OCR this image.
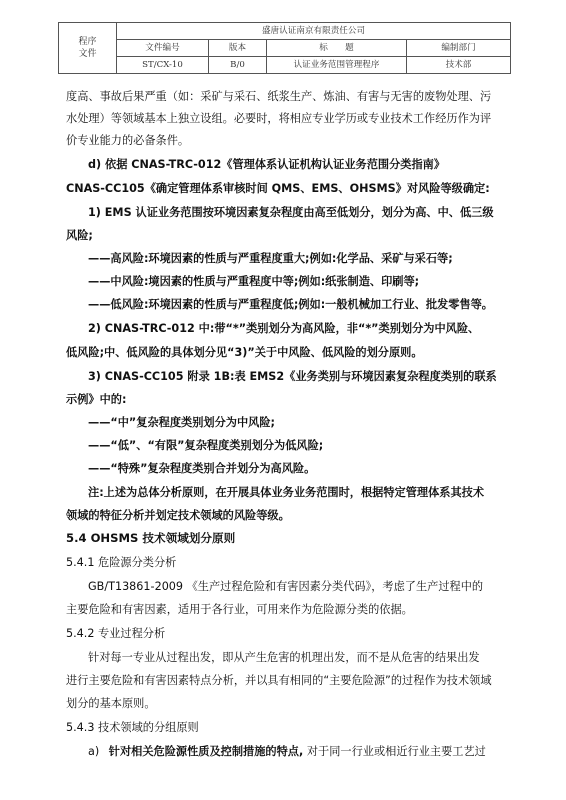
程序
文件	盛唐认证南京有限责任公司			
	文件编号	版本	标　　题	编制部门
	ST/CX-10	B/0	认证业务范围管理程序	技术部
度高、事故后果严重（如：采矿与采石、纸浆生产、炼油、有害与无害的废物处理、污
水处理）等领域基本上独立设组。必要时，将相应专业学历或专业技术工作经历作为评
价专业能力的必备条件。
d) 依据 CNAS-TRC-012《管理体系认证机构认证业务范围分类指南》
CNAS-CC105《确定管理体系审核时间 QMS、EMS、OHSMS》对风险等级确定:
1) EMS 认证业务范围按环境因素复杂程度由高至低划分，划分为高、中、低三级
风险;
——高风险:环境因素的性质与严重程度重大;例如:化学品、采矿与采石等;
——中风险:境因素的性质与严重程度中等;例如:纸张制造、印刷等;
——低风险:环境因素的性质与严重程度低;例如:一般机械加工行业、批发零售等。
2) CNAS-TRC-012 中:带“*”类别划分为高风险，非“*”类别划分为中风险、
低风险;中、低风险的具体划分见“3)”关于中风险、低风险的划分原则。
3) CNAS-CC105 附录 1B:表 EMS2《业务类别与环境因素复杂程度类别的联系
示例》中的:
——“中”复杂程度类别划分为中风险;
——“低”、“有限”复杂程度类别划分为低风险;
——“特殊”复杂程度类别合并划分为高风险。
注:上述为总体分析原则，在开展具体业务业务范围时，根据特定管理体系其技术
领域的特征分析并划定技术领域的风险等级。
5.4 OHSMS 技术领域划分原则
5.4.1 危险源分类分析
GB/T13861-2009 《生产过程危险和有害因素分类代码》，考虑了生产过程中的
主要危险和有害因素，适用于各行业，可用来作为危险源分类的依据。
5.4.2 专业过程分析
针对每一专业从过程出发，即从产生危害的机理出发，而不是从危害的结果出发
进行主要危险和有害因素特点分析，并以具有相同的“主要危险源”的过程作为技术领域
划分的基本原则。
5.4.3 技术领域的分组原则
a) 针对相关危险源性质及控制措施的特点, 对于同一行业或相近行业主要工艺过
